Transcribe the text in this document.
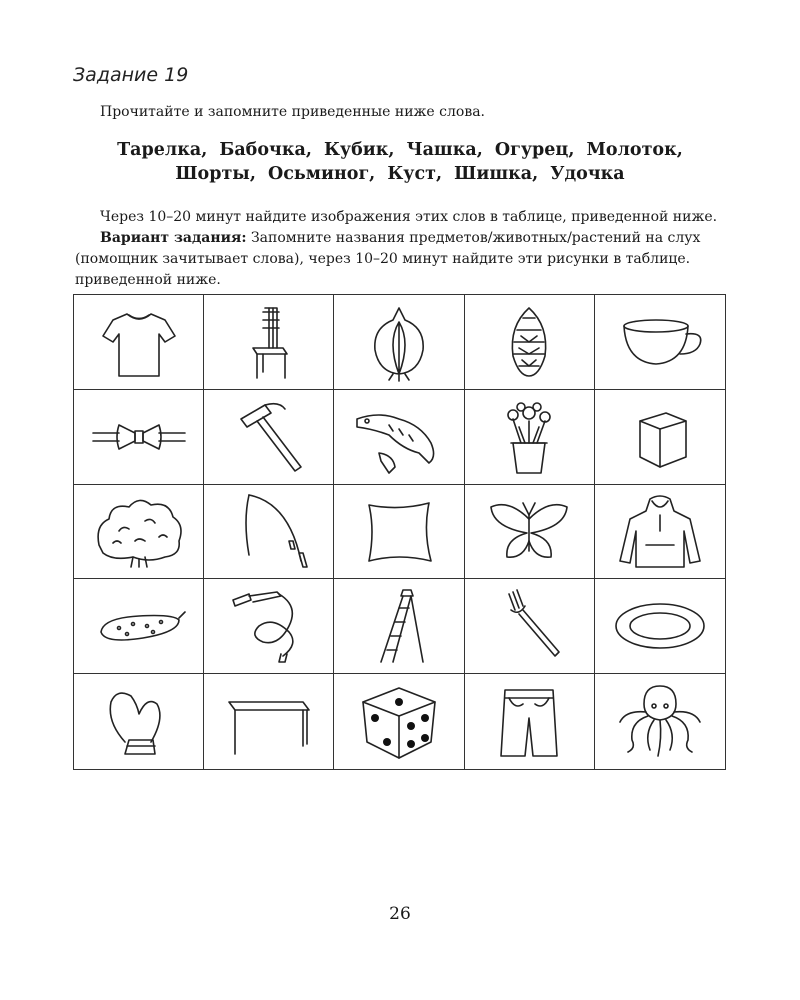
Задание 19
Прочитайте и запомните приведенные ниже слова.
Тарелка, Бабочка, Кубик, Чашка, Огурец, Молоток,
Шорты, Осьминог, Куст, Шишка, Удочка

Через 10–20 минут найдите изображения этих слов в таблице, приведенной ниже.

Вариант задания: Запомните названия предметов/животных/растений на слух (помощник зачитывает слова), через 10–20 минут найдите эти рисунки в таблице. приведенной ниже.

26
